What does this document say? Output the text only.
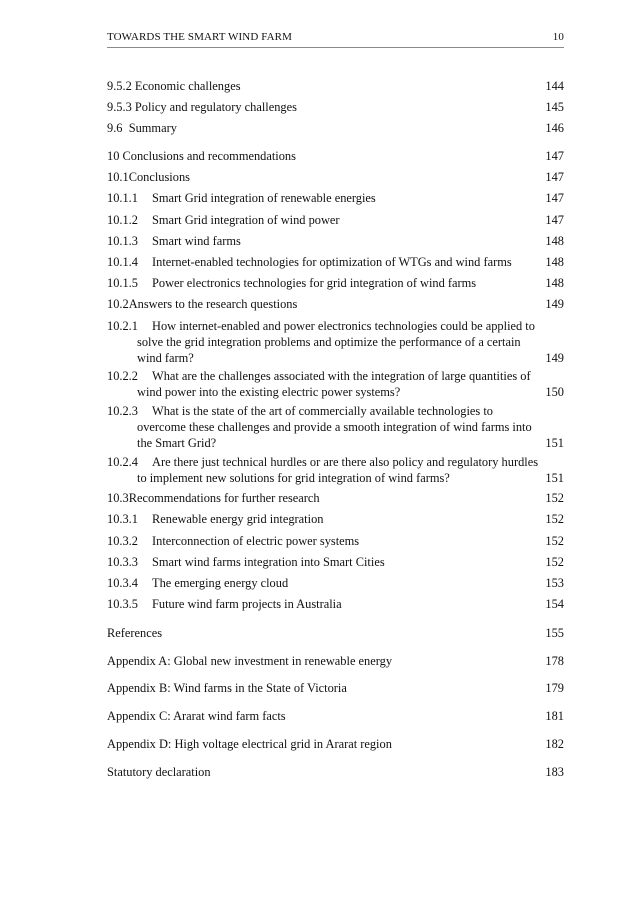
TOWARDS THE SMART WIND FARM	10
9.5.2 Economic challenges	144
9.5.3 Policy and regulatory challenges	145
9.6 Summary	146
10 Conclusions and recommendations	147
10.1Conclusions	147
10.1.1 Smart Grid integration of renewable energies	147
10.1.2 Smart Grid integration of wind power	147
10.1.3 Smart wind farms	148
10.1.4 Internet-enabled technologies for optimization of WTGs and wind farms	148
10.1.5 Power electronics technologies for grid integration of wind farms	148
10.2Answers to the research questions	149
10.2.1 How internet-enabled and power electronics technologies could be applied to
solve the grid integration problems and optimize the performance of a certain
wind farm?	149
10.2.2 What are the challenges associated with the integration of large quantities of
wind power into the existing electric power systems?	150
10.2.3 What is the state of the art of commercially available technologies to
overcome these challenges and provide a smooth integration of wind farms into
the Smart Grid?	151
10.2.4 Are there just technical hurdles or are there also policy and regulatory hurdles
to implement new solutions for grid integration of wind farms?	151
10.3Recommendations for further research	152
10.3.1 Renewable energy grid integration	152
10.3.2 Interconnection of electric power systems	152
10.3.3 Smart wind farms integration into Smart Cities	152
10.3.4 The emerging energy cloud	153
10.3.5 Future wind farm projects in Australia	154
References	155
Appendix A: Global new investment in renewable energy	178
Appendix B: Wind farms in the State of Victoria	179
Appendix C: Ararat wind farm facts	181
Appendix D: High voltage electrical grid in Ararat region	182
Statutory declaration	183
